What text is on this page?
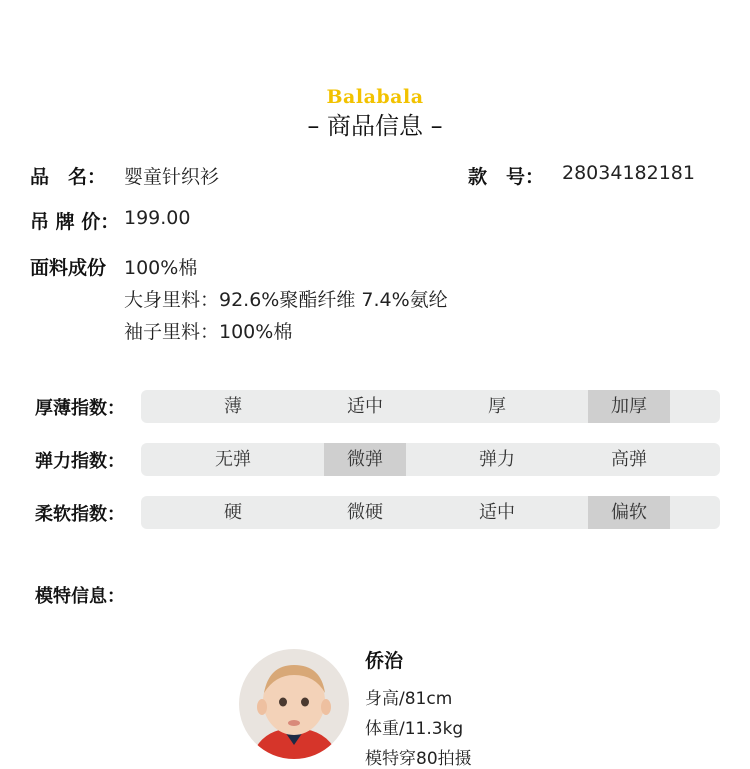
Balabala
– 商品信息 –
品　名： 婴童针织衫	款　号： 28034182181
吊 牌 价： 199.00
面料成份 100%棉
大身里料：92.6%聚酯纤维 7.4%氨纶
袖子里料：100%棉
厚薄指数：	薄	适中	厚	加厚
弹力指数：	无弹	微弹	弹力	高弹
柔软指数：	硬	微硬	适中	偏软
模特信息：
侨治
身高/81cm
体重/11.3kg
模特穿80拍摄
